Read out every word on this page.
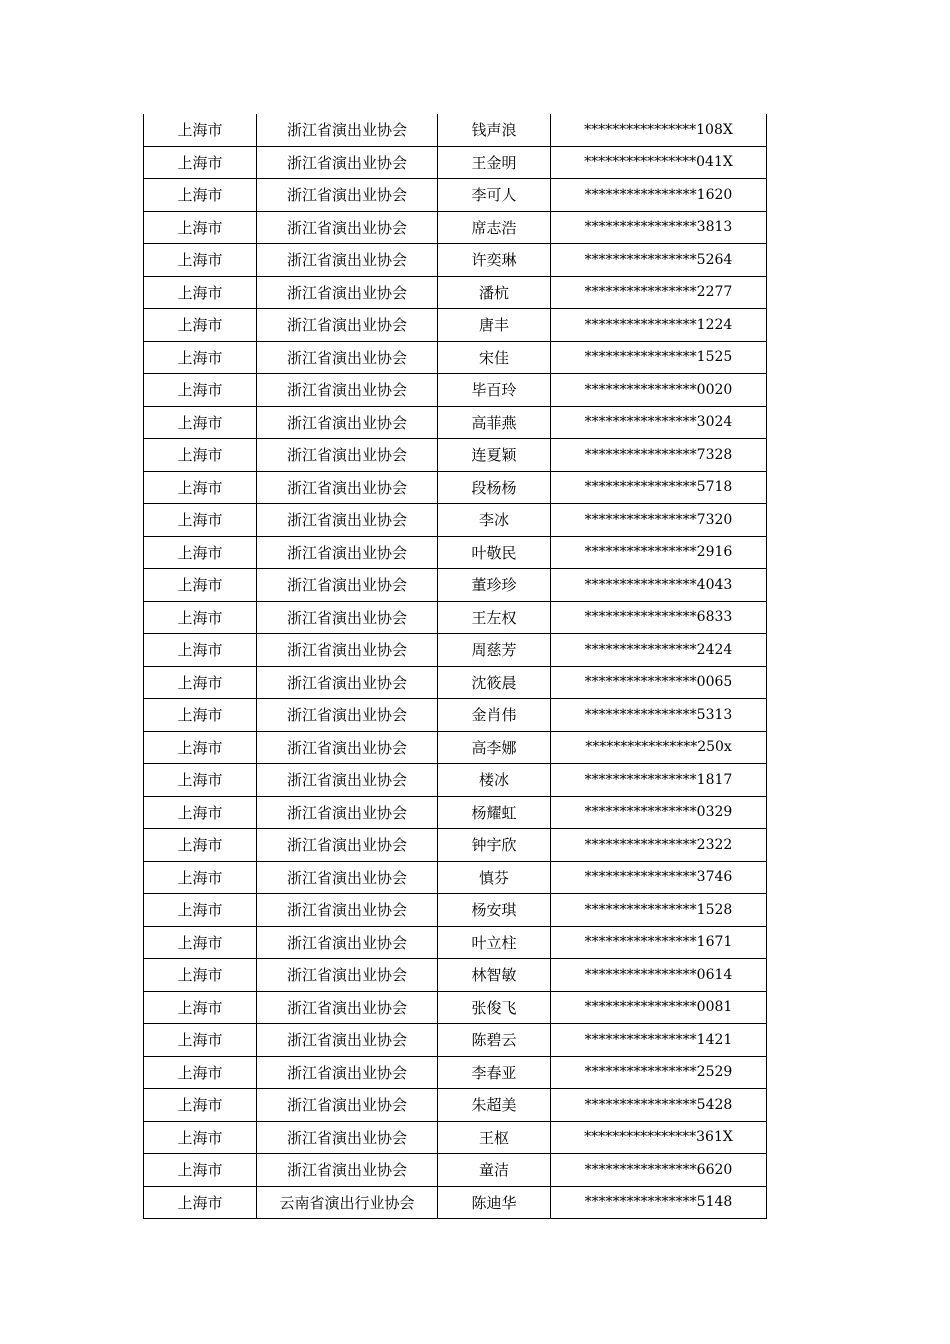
上海市	浙江省演出业协会	钱声浪	****************108X
上海市	浙江省演出业协会	王金明	****************041X
上海市	浙江省演出业协会	李可人	****************1620
上海市	浙江省演出业协会	席志浩	****************3813
上海市	浙江省演出业协会	许奕琳	****************5264
上海市	浙江省演出业协会	潘杭	****************2277
上海市	浙江省演出业协会	唐丰	****************1224
上海市	浙江省演出业协会	宋佳	****************1525
上海市	浙江省演出业协会	毕百玲	****************0020
上海市	浙江省演出业协会	高菲燕	****************3024
上海市	浙江省演出业协会	连夏颖	****************7328
上海市	浙江省演出业协会	段杨杨	****************5718
上海市	浙江省演出业协会	李冰	****************7320
上海市	浙江省演出业协会	叶敬民	****************2916
上海市	浙江省演出业协会	董珍珍	****************4043
上海市	浙江省演出业协会	王左权	****************6833
上海市	浙江省演出业协会	周慈芳	****************2424
上海市	浙江省演出业协会	沈筱晨	****************0065
上海市	浙江省演出业协会	金肖伟	****************5313
上海市	浙江省演出业协会	高李娜	****************250x
上海市	浙江省演出业协会	楼冰	****************1817
上海市	浙江省演出业协会	杨耀虹	****************0329
上海市	浙江省演出业协会	钟宇欣	****************2322
上海市	浙江省演出业协会	慎芬	****************3746
上海市	浙江省演出业协会	杨安琪	****************1528
上海市	浙江省演出业协会	叶立柱	****************1671
上海市	浙江省演出业协会	林智敏	****************0614
上海市	浙江省演出业协会	张俊飞	****************0081
上海市	浙江省演出业协会	陈碧云	****************1421
上海市	浙江省演出业协会	李春亚	****************2529
上海市	浙江省演出业协会	朱超美	****************5428
上海市	浙江省演出业协会	王枢	****************361X
上海市	浙江省演出业协会	童洁	****************6620
上海市	云南省演出行业协会	陈迪华	****************5148
